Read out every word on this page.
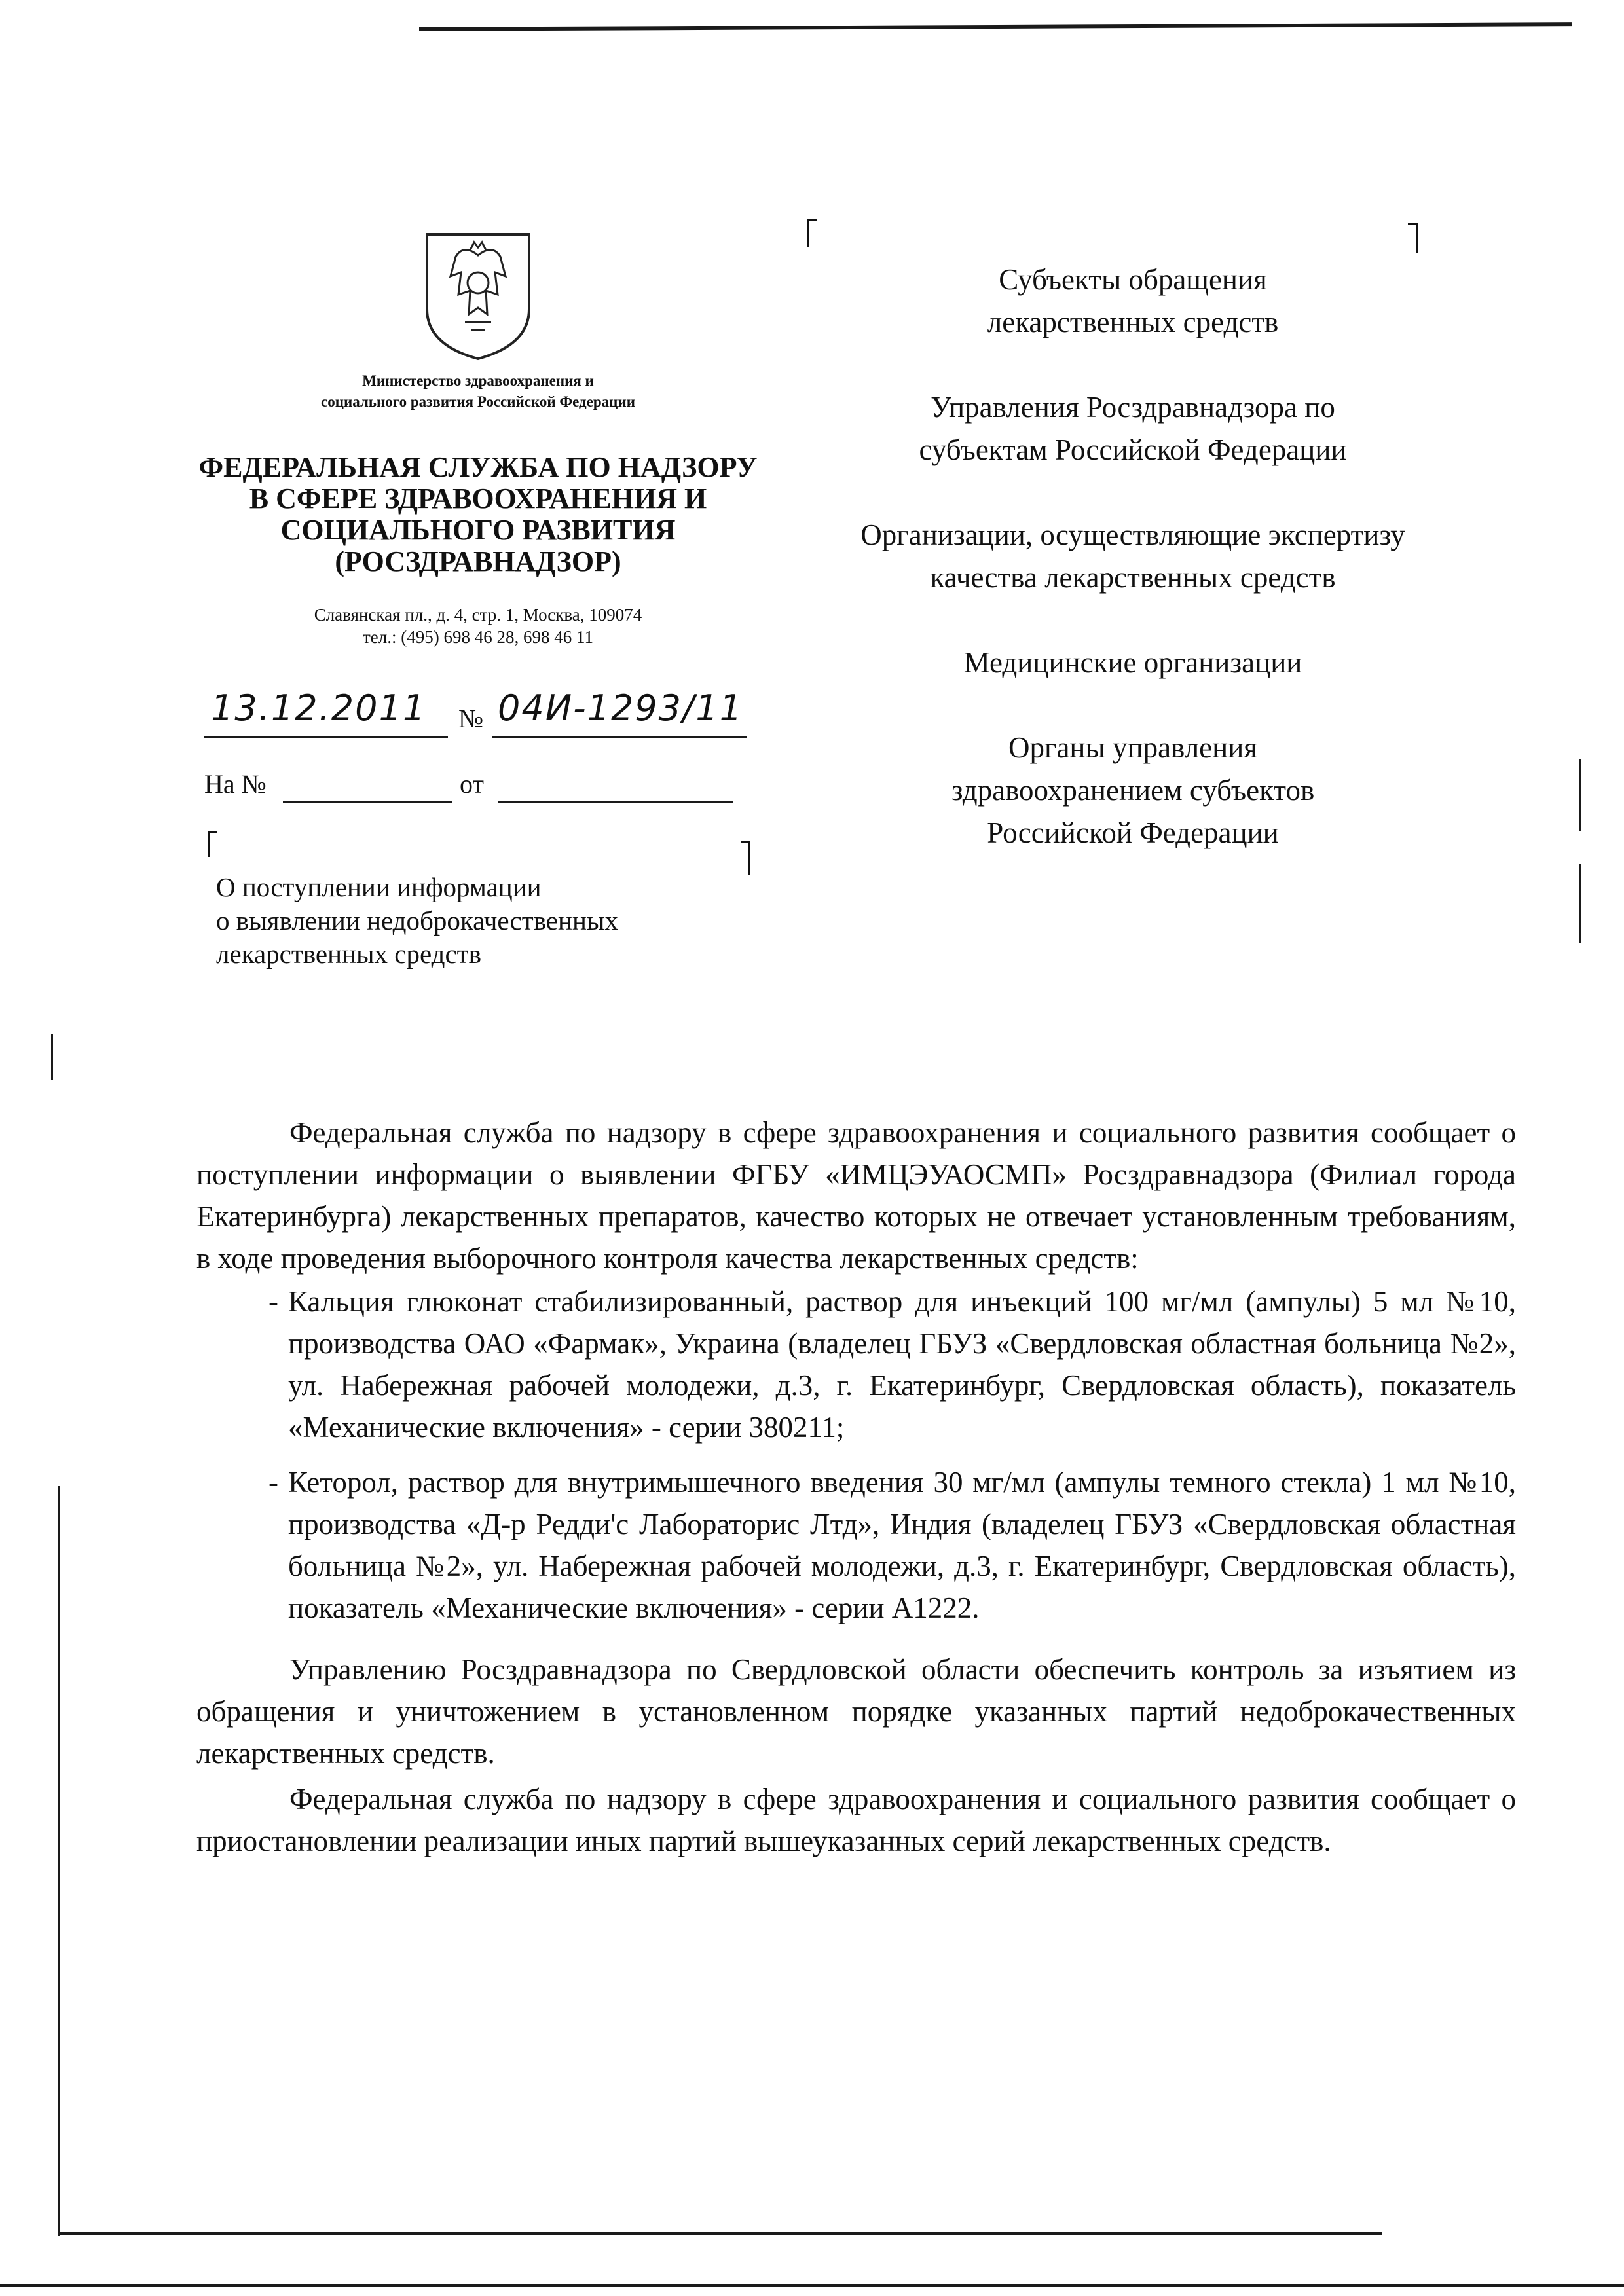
Министерство здравоохранения и
социального развития Российской Федерации
ФЕДЕРАЛЬНАЯ СЛУЖБА ПО НАДЗОРУ
В СФЕРЕ ЗДРАВООХРАНЕНИЯ И
СОЦИАЛЬНОГО РАЗВИТИЯ
(РОСЗДРАВНАДЗОР)
Славянская пл., д. 4, стр. 1, Москва, 109074
тел.: (495) 698 46 28, 698 46 11
13.12.2011 № 04И-1293/11
На №	от
О поступлении информации
о выявлении недоброкачественных
лекарственных средств

Субъекты обращения лекарственных средств

Управления Росздравнадзора по субъектам Российской Федерации

Организации, осуществляющие экспертизу качества лекарственных средств

Медицинские организации

Органы управления здравоохранением субъектов Российской Федерации

Федеральная служба по надзору в сфере здравоохранения и социального развития сообщает о поступлении информации о выявлении ФГБУ «ИМЦЭУАОСМП» Росздравнадзора (Филиал города Екатеринбурга) лекарственных препаратов, качество которых не отвечает установленным требованиям, в ходе проведения выборочного контроля качества лекарственных средств:

- Кальция глюконат стабилизированный, раствор для инъекций 100 мг/мл (ампулы) 5 мл №10, производства ОАО «Фармак», Украина (владелец ГБУЗ «Свердловская областная больница №2», ул. Набережная рабочей молодежи, д.3, г. Екатеринбург, Свердловская область), показатель «Механические включения» - серии 380211;

- Кеторол, раствор для внутримышечного введения 30 мг/мл (ампулы темного стекла) 1 мл №10, производства «Д-р Редди'с Лабораторис Лтд», Индия (владелец ГБУЗ «Свердловская областная больница №2», ул. Набережная рабочей молодежи, д.3, г. Екатеринбург, Свердловская область), показатель «Механические включения» - серии А1222.

Управлению Росздравнадзора по Свердловской области обеспечить контроль за изъятием из обращения и уничтожением в установленном порядке указанных партий недоброкачественных лекарственных средств.

Федеральная служба по надзору в сфере здравоохранения и социального развития сообщает о приостановлении реализации иных партий вышеуказанных серий лекарственных средств.
